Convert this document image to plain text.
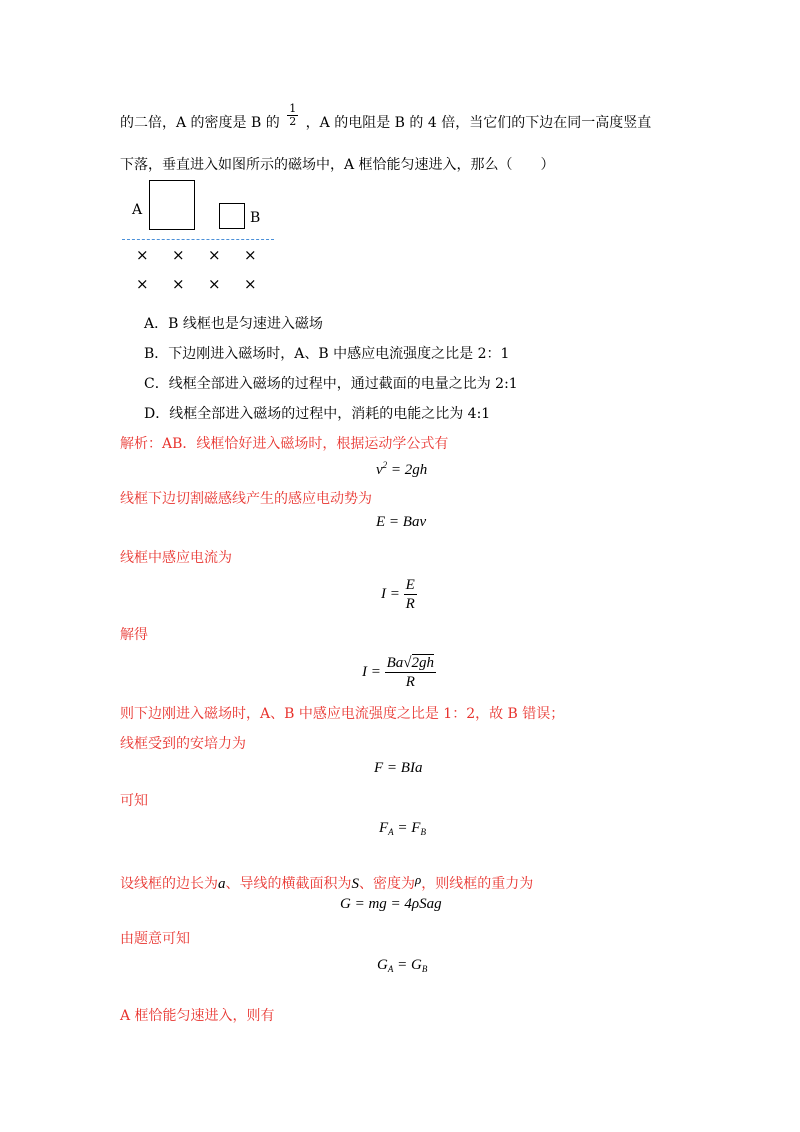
的二倍，A 的密度是 B 的 $\frac{1}{2}$ ，A 的电阻是 B 的 4 倍，当它们的下边在同一高度竖直
下落，垂直进入如图所示的磁场中，A 框恰能匀速进入，那么（　　）
A	B
× × × ×
× × × ×
A．B 线框也是匀速进入磁场
B．下边刚进入磁场时，A、B 中感应电流强度之比是 2：1
C．线框全部进入磁场的过程中，通过截面的电量之比为 2:1
D．线框全部进入磁场的过程中，消耗的电能之比为 4:1
解析：AB．线框恰好进入磁场时，根据运动学公式有
$v^2 = 2gh$
线框下边切割磁感线产生的感应电动势为
E = Bav
线框中感应电流为
$I = \frac{E}{R}$
解得
$I = \frac{Ba√2gh}{R}$
则下边刚进入磁场时，A、B 中感应电流强度之比是 1：2，故 B 错误；
线框受到的安培力为
F = BIa
可知
$F_A = F_B$
设线框的边长为a、导线的横截面积为S、密度为ρ，则线框的重力为
G = mg = 4ρSag
由题意可知
$G_A = G_B$
A 框恰能匀速进入，则有
